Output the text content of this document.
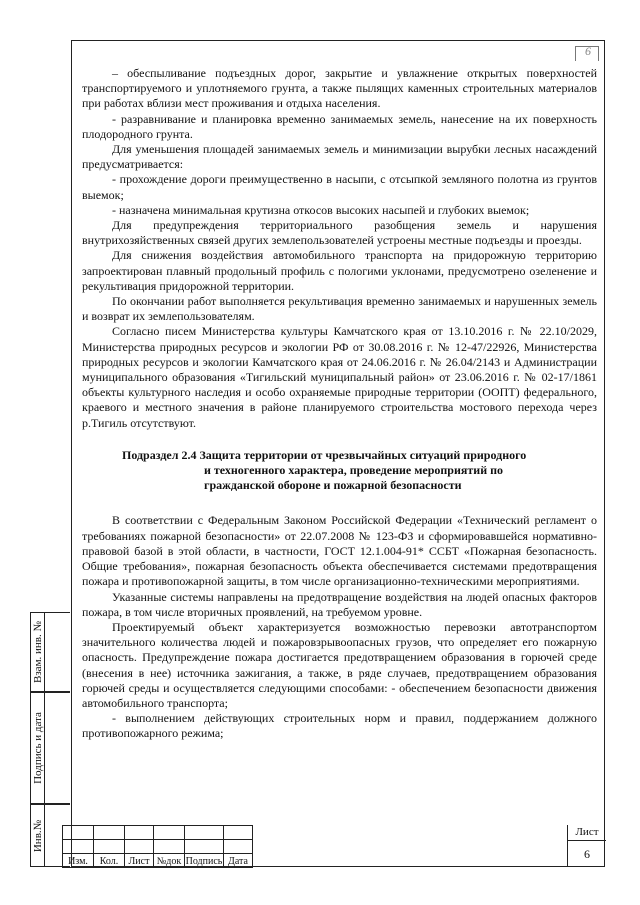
6

– обеспыливание подъездных дорог, закрытие и увлажнение открытых поверхностей транспортируемого и уплотняемого грунта, а также пылящих каменных строительных материалов при работах вблизи мест проживания и отдыха населения.

- разравнивание и планировка временно занимаемых земель, нанесение на их поверхность плодородного грунта.

Для уменьшения площадей занимаемых земель и минимизации вырубки лесных насаждений предусматривается:

- прохождение дороги преимущественно в насыпи, с отсыпкой земляного полотна из грунтов выемок;

- назначена минимальная крутизна откосов высоких насыпей и глубоких выемок;

Для предупреждения территориального разобщения земель и нарушения внутрихозяйственных связей других землепользователей устроены местные подъезды и проезды.

Для снижения воздействия автомобильного транспорта на придорожную территорию запроектирован плавный продольный профиль с пологими уклонами, предусмотрено озеленение и рекультивация придорожной территории.

По окончании работ выполняется рекультивация временно занимаемых и нарушенных земель и возврат их землепользователям.

Согласно писем Министерства культуры Камчатского края от 13.10.2016 г. № 22.10/2029, Министерства природных ресурсов и экологии РФ от 30.08.2016 г. № 12-47/22926, Министерства природных ресурсов и экологии Камчатского края от 24.06.2016 г. № 26.04/2143 и Администрации муниципального образования «Тигильский муниципальный район» от 23.06.2016 г. № 02-17/1861 объекты культурного наследия и особо охраняемые природные территории (ООПТ) федерального, краевого и местного значения в районе планируемого строительства мостового перехода через р.Тигиль отсутствуют.

Подраздел 2.4 Защита территории от чрезвычайных ситуаций природного
и техногенного характера, проведение мероприятий по
гражданской обороне и пожарной безопасности

В соответствии с Федеральным Законом Российской Федерации «Технический регламент о требованиях пожарной безопасности» от 22.07.2008 № 123-ФЗ и сформировавшейся нормативно-правовой базой в этой области, в частности, ГОСТ 12.1.004-91* ССБТ «Пожарная безопасность. Общие требования», пожарная безопасность объекта обеспечивается системами предотвращения пожара и противопожарной защиты, в том числе организационно-техническими мероприятиями.

Указанные системы направлены на предотвращение воздействия на людей опасных факторов пожара, в том числе вторичных проявлений, на требуемом уровне.

Проектируемый объект характеризуется возможностью перевозки автотранспортом значительного количества людей и пожаровзрывоопасных грузов, что определяет его пожарную опасность. Предупреждение пожара достигается предотвращением образования в горючей среде (внесения в нее) источника зажигания, а также, в ряде случаев, предотвращением образования горючей среды и осуществляется следующими способами: - обеспечением безопасности движения автомобильного транспорта;

- выполнением действующих строительных норм и правил, поддержанием должного противопожарного режима;

Взам. инв. №
Подпись и дата
Инв.№

Изм.	Кол.	Лист	№док	Подпись	Дата
Лист
6
